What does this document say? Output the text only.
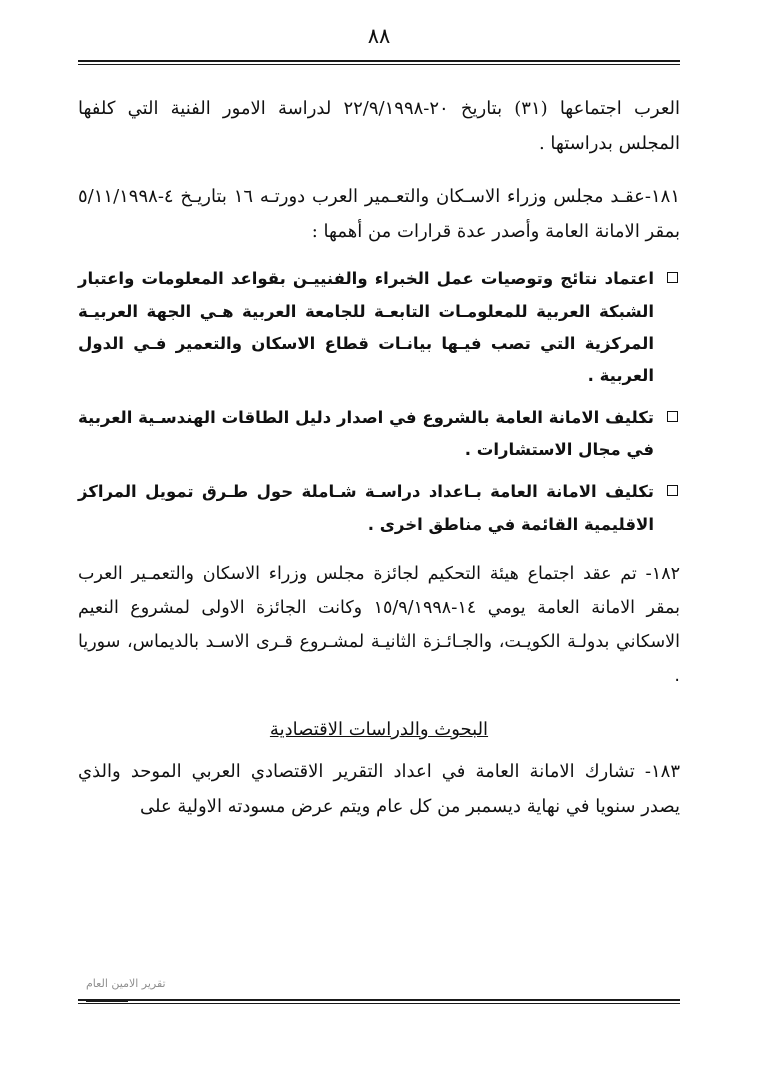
٨٨

العرب اجتماعها (٣١) بتاريخ ٢٠-٢٢/٩/١٩٩٨ لدراسة الامور الفنية التي كلفها المجلس بدراستها .

١٨١-عقـد مجلس وزراء الاسـكان والتعـمير العرب دورتـه ١٦ بتاريـخ ٤-٥/١١/١٩٩٨ بمقر الامانة العامة وأصدر عدة قرارات من أهمها :

اعتماد نتائج وتوصيات عمل الخبراء والفنييـن بقواعد المعلومات واعتبار الشبكة العربية للمعلومـات التابعـة للجامعة العربية هـي الجهة العربيـة المركزية التي تصب فيـها بيانـات قطاع الاسكان والتعمير فـي الدول العربية .
تكليف الامانة العامة بالشروع في اصدار دليل الطاقات الهندسـية العربية في مجال الاستشارات .
تكليف الامانة العامة بـاعداد دراسـة شـاملة حول طـرق تمويل المراكز الاقليمية القائمة في مناطق اخرى .

١٨٢- تم عقد اجتماع هيئة التحكيم لجائزة مجلس وزراء الاسكان والتعمـير العرب بمقر الامانة العامة يومي ١٤-١٥/٩/١٩٩٨ وكانت الجائزة الاولى لمشروع النعيم الاسكاني بدولـة الكويـت، والجـائـزة الثانيـة لمشـروع قـرى الاسـد بالديماس، سوريا .

البحوث والدراسات الاقتصادية

١٨٣- تشارك الامانة العامة في اعداد التقرير الاقتصادي العربي الموحد والذي يصدر سنويا في نهاية ديسمبر من كل عام ويتم عرض مسودته الاولية على

تقرير الامين العام
